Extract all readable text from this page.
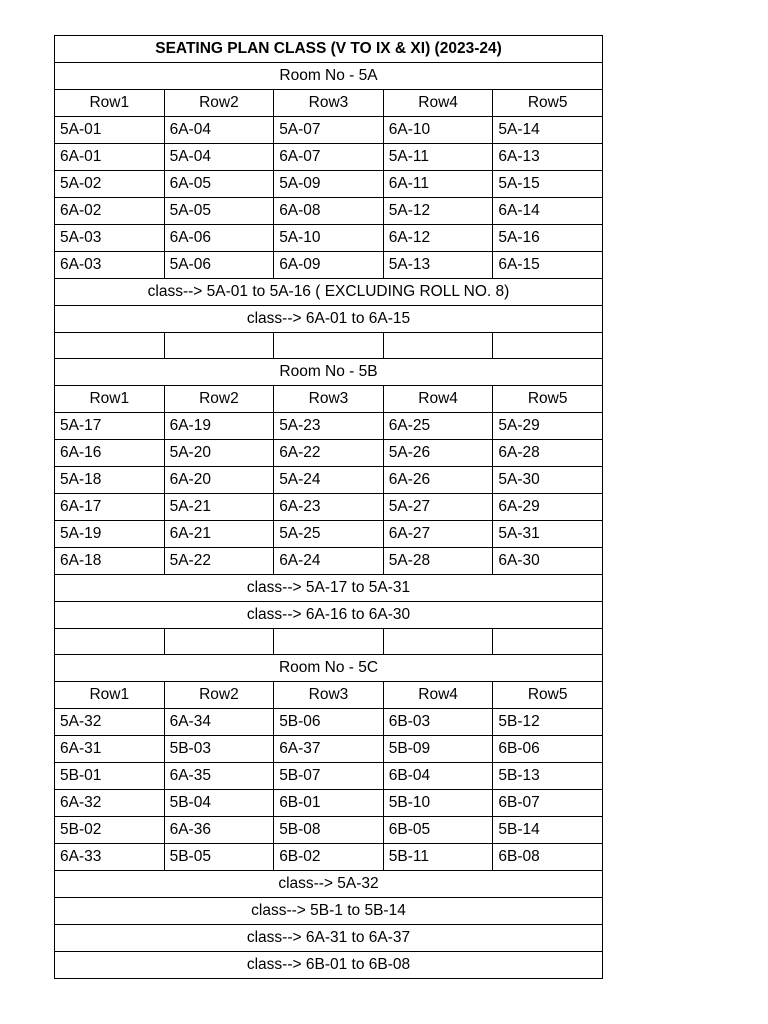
SEATING PLAN CLASS (V TO IX & XI) (2023-24)				
Room No - 5A				
Row1	Row2	Row3	Row4	Row5
5A-01	6A-04	5A-07	6A-10	5A-14
6A-01	5A-04	6A-07	5A-11	6A-13
5A-02	6A-05	5A-09	6A-11	5A-15
6A-02	5A-05	6A-08	5A-12	6A-14
5A-03	6A-06	5A-10	6A-12	5A-16
6A-03	5A-06	6A-09	5A-13	6A-15
class--> 5A-01 to 5A-16 ( EXCLUDING ROLL NO. 8)				
class--> 6A-01 to 6A-15				

Room No - 5B				
Row1	Row2	Row3	Row4	Row5
5A-17	6A-19	5A-23	6A-25	5A-29
6A-16	5A-20	6A-22	5A-26	6A-28
5A-18	6A-20	5A-24	6A-26	5A-30
6A-17	5A-21	6A-23	5A-27	6A-29
5A-19	6A-21	5A-25	6A-27	5A-31
6A-18	5A-22	6A-24	5A-28	6A-30
class--> 5A-17 to 5A-31				
class--> 6A-16 to 6A-30				

Room No - 5C				
Row1	Row2	Row3	Row4	Row5
5A-32	6A-34	5B-06	6B-03	5B-12
6A-31	5B-03	6A-37	5B-09	6B-06
5B-01	6A-35	5B-07	6B-04	5B-13
6A-32	5B-04	6B-01	5B-10	6B-07
5B-02	6A-36	5B-08	6B-05	5B-14
6A-33	5B-05	6B-02	5B-11	6B-08
class--> 5A-32				
class--> 5B-1 to 5B-14				
class--> 6A-31 to 6A-37				
class--> 6B-01 to 6B-08				
